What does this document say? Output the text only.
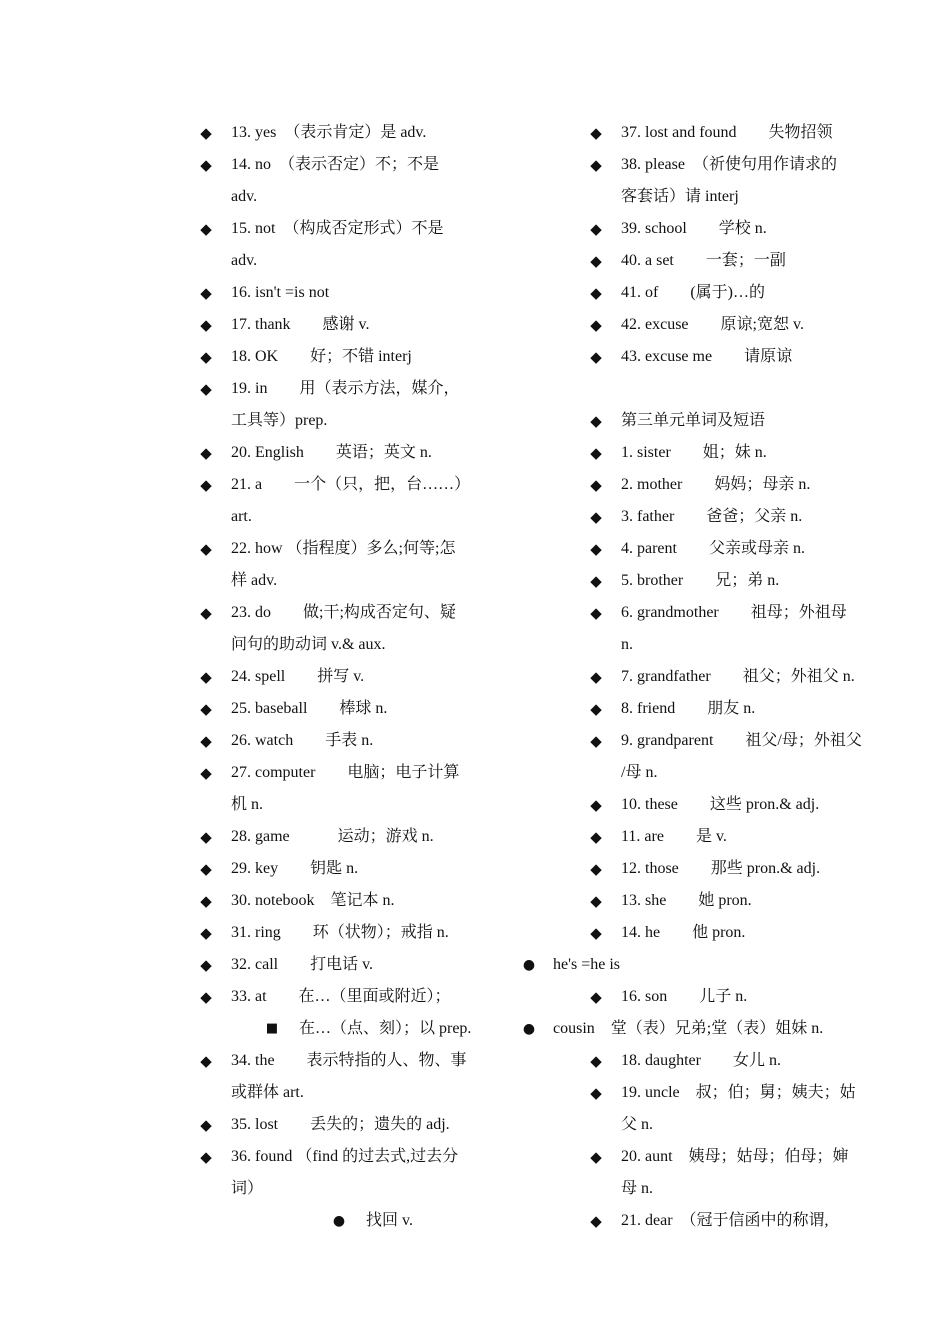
◆ 13. yes　（表示肯定）是 adv.
◆ 14. no　（表示否定）不；不是
adv.
◆ 15. not　（构成否定形式）不是
adv.
◆ 16. isn't =is not
◆ 17. thank　　感谢 v.
◆ 18. OK　　好；不错 interj
◆ 19. in　　用（表示方法，媒介，
工具等）prep.
◆ 20. English　　英语；英文 n.
◆ 21. a　　一个（只，把，台……）
art.
◆ 22. how （指程度）多么;何等;怎
样 adv.
◆ 23. do　　做;干;构成否定句、疑
问句的助动词 v.& aux.
◆ 24. spell　　拼写 v.
◆ 25. baseball　　棒球 n.
◆ 26. watch　　手表 n.
◆ 27. computer　　电脑；电子计算
机 n.
◆ 28. game　　　运动；游戏 n.
◆ 29. key　　钥匙 n.
◆ 30. notebook　笔记本 n.
◆ 31. ring　　环（状物）；戒指 n.
◆ 32. call　　打电话 v.
◆ 33. at　　在…（里面或附近）；
■ 在…（点、刻）；以 prep.
◆ 34. the　　表示特指的人、物、事
或群体 art.
◆ 35. lost　　丢失的；遗失的 adj.
◆ 36. found （find 的过去式,过去分
词）
● 找回 v.
◆ 37. lost and found　　失物招领
◆ 38. please　（祈使句用作请求的
客套话）请 interj
◆ 39. school　　学校 n.
◆ 40. a set　　一套；一副
◆ 41. of　　(属于)…的
◆ 42. excuse　　原谅;宽恕 v.
◆ 43. excuse me　　请原谅
◆ 第三单元单词及短语
◆ 1. sister　　姐；妹 n.
◆ 2. mother　　妈妈；母亲 n.
◆ 3. father　　爸爸；父亲 n.
◆ 4. parent　　父亲或母亲 n.
◆ 5. brother　　兄；弟 n.
◆ 6. grandmother　　祖母；外祖母
n.
◆ 7. grandfather　　祖父；外祖父 n.
◆ 8. friend　　朋友 n.
◆ 9. grandparent　　祖父/母；外祖父
/母 n.
◆ 10. these　　这些 pron.& adj.
◆ 11. are　　是 v.
◆ 12. those　　那些 pron.& adj.
◆ 13. she　　她 pron.
◆ 14. he　　他 pron.
● he's =he is
◆ 16. son　　儿子 n.
● cousin　堂（表）兄弟;堂（表）姐妹 n.
◆ 18. daughter　　女儿 n.
◆ 19. uncle　叔；伯；舅；姨夫；姑
父 n.
◆ 20. aunt　姨母；姑母；伯母；婶
母 n.
◆ 21. dear　（冠于信函中的称谓,
